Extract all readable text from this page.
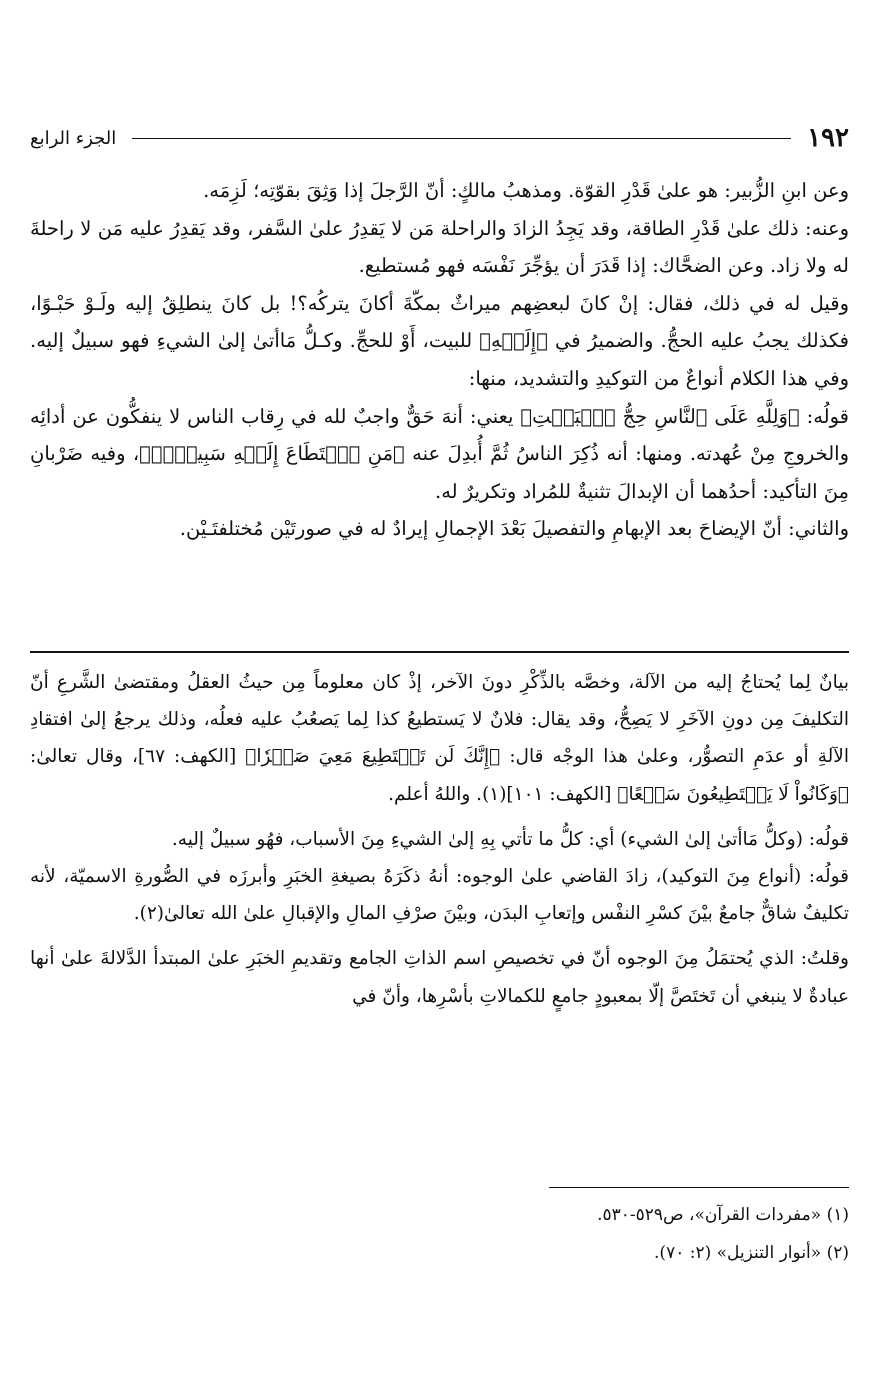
١٩٢
الجزء الرابع

وعن ابنِ الزُّبير: هو علىٰ قَدْرِ القوّة. ومذهبُ مالكٍ: أنّ الرَّجلَ إذا وَثِقَ بقوّتِه؛ لَزِمَه.

وعنه: ذلك علىٰ قَدْرِ الطاقة، وقد يَجِدُ الزادَ والراحلة مَن لا يَقدِرُ علىٰ السَّفر، وقد يَقدِرُ عليه مَن لا راحلةَ له ولا زاد. وعن الضحَّاك: إذا قَدَرَ أن يؤجِّرَ نَفْسَه فهو مُستطيع.

وقيل له في ذلك، فقال: إنْ كانَ لبعضِهم ميراثٌ بمكّةَ أكانَ يتركُه؟! بل كانَ ينطلِقُ إليه ولَـوْ حَبْـوًا، فكذلك يجبُ عليه الحجُّ. والضميرُ في ﴿إِلَيۡهِ﴾ للبيت، أَوْ للحجِّ. وكـلُّ مَاأتىٰ إلىٰ الشيءِ فهو سبيلٌ إليه. وفي هذا الكلام أنواعٌ من التوكيدِ والتشديد، منها:

قولُه: ﴿وَلِلَّهِ عَلَى ٱلنَّاسِ حِجُّ ٱلۡبَيۡتِ﴾ يعني: أنهَ حَقٌّ واجبٌ لله في رِقاب الناس لا ينفكُّون عن أدائِه والخروجِ مِنْ عُهدته. ومنها: أنه ذُكِرَ الناسُ ثُمَّ أُبدِلَ عنه ﴿مَنِ ٱسۡتَطَاعَ إِلَيۡهِ سَبِيلٗاۚ﴾، وفيه ضَرْبانِ مِنَ التأكيد: أحدُهما أن الإبدالَ تثنيةٌ للمُراد وتكريرٌ له.

والثاني: أنّ الإيضاحَ بعد الإبهامِ والتفصيلَ بَعْدَ الإجمالِ إيرادٌ له في صورتَيْن مُختلفتَـيْن.

بيانٌ لِما يُحتاجُ إليه من الآلة، وخصَّه بالذِّكْرِ دونَ الآخر، إذْ كان معلوماً مِن حيثُ العقلُ ومقتضىٰ الشَّرعِ أنّ التكليفَ مِن دونِ الآخَرِ لا يَصِحُّ، وقد يقال: فلانٌ لا يَستطيعُ كذا لِما يَصعُبُ عليه فعلُه، وذلك يرجعُ إلىٰ افتقادِ الآلةِ أو عدَمِ التصوُّر، وعلىٰ هذا الوجْه قال: ﴿إِنَّكَ لَن تَسۡتَطِيعَ مَعِيَ صَبۡرٗا﴾ [الكهف: ٦٧]، وقال تعالىٰ: ﴿وَكَانُواْ لَا يَسۡتَطِيعُونَ سَمۡعًا﴾ [الكهف: ١٠١](١). واللهُ أعلم.

قولُه: (وكلُّ مَاأتىٰ إلىٰ الشيء) أي: كلُّ ما تأتي بِهِ إلىٰ الشيءِ مِنَ الأسباب، فهُو سبيلٌ إليه.

قولُه: (أنواع مِنَ التوكيد)، زادَ القاضي علىٰ الوجوه: أنهُ ذكَرَهُ بصيغةِ الخبَرِ وأبرزَه في الصُّورةِ الاسميّة، لأنه تكليفٌ شاقٌّ جامعٌ بيْنَ كسْرِ النفْس وإتعابِ البدَن، وبيْنَ صرْفِ المالِ والإقبالِ علىٰ الله تعالىٰ(٢).

وقلتُ: الذي يُحتمَلُ مِنَ الوجوه أنّ في تخصيصِ اسم الذاتِ الجامع وتقديمِ الخبَرِ علىٰ المبتدأ الدَّلالةَ علىٰ أنها عبادةٌ لا ينبغي أن تَختَصَّ إلّا بمعبودٍ جامعٍ للكمالاتِ بأسْرِها، وأنّ في

(١) «مفردات القرآن»، ص٥٢٩-٥٣٠.

(٢) «أنوار التنزيل» (٢: ٧٠).
